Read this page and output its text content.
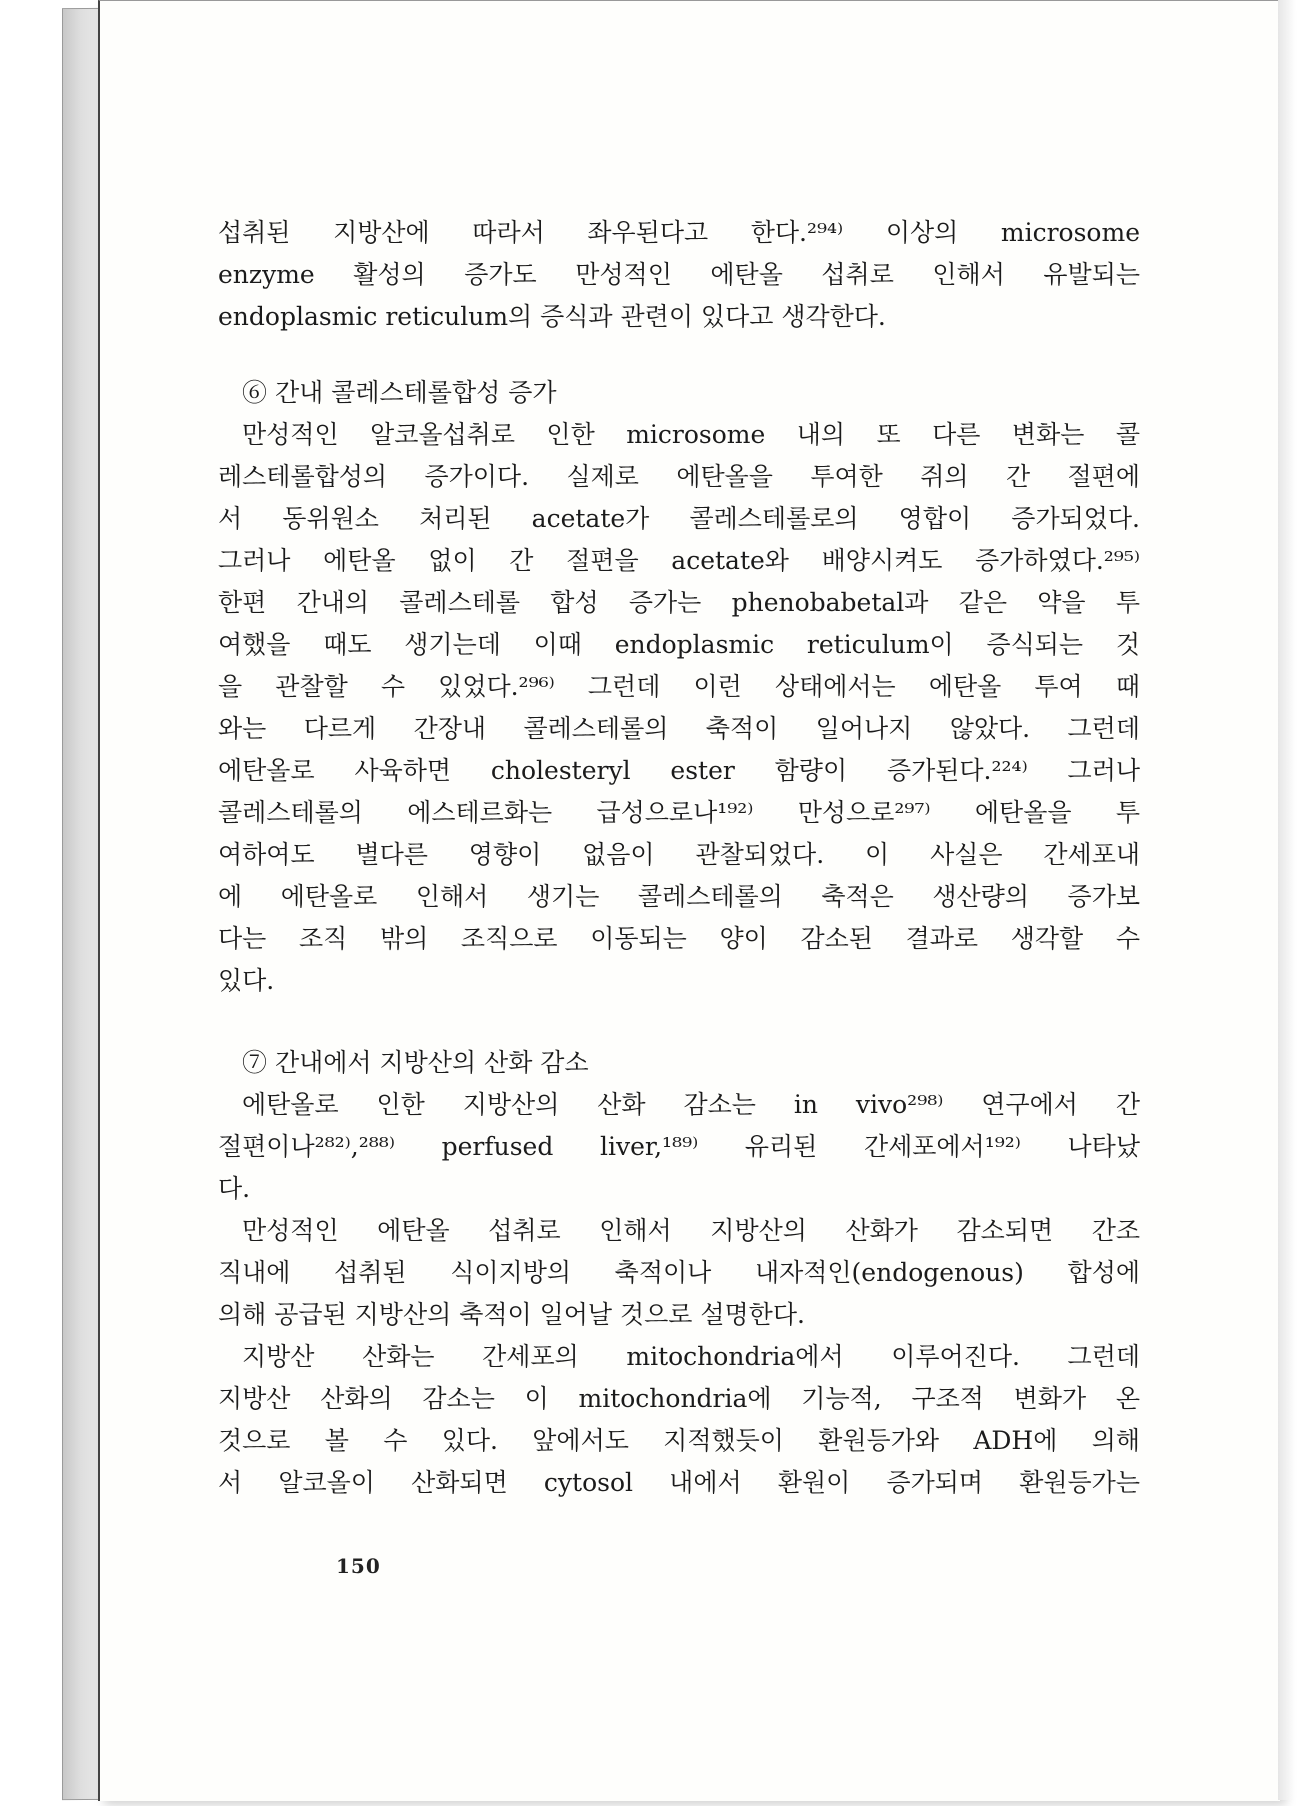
섭취된 지방산에 따라서 좌우된다고 한다.²⁹⁴⁾ 이상의 microsome
enzyme 활성의 증가도 만성적인 에탄올 섭취로 인해서 유발되는
endoplasmic reticulum의 증식과 관련이 있다고 생각한다.
⑥ 간내 콜레스테롤합성 증가
만성적인 알코올섭취로 인한 microsome 내의 또 다른 변화는 콜
레스테롤합성의 증가이다. 실제로 에탄올을 투여한 쥐의 간 절편에
서 동위원소 처리된 acetate가 콜레스테롤로의 영합이 증가되었다.
그러나 에탄올 없이 간 절편을 acetate와 배양시켜도 증가하였다.²⁹⁵⁾
한편 간내의 콜레스테롤 합성 증가는 phenobabetal과 같은 약을 투
여했을 때도 생기는데 이때 endoplasmic reticulum이 증식되는 것
을 관찰할 수 있었다.²⁹⁶⁾ 그런데 이런 상태에서는 에탄올 투여 때
와는 다르게 간장내 콜레스테롤의 축적이 일어나지 않았다. 그런데
에탄올로 사육하면 cholesteryl ester 함량이 증가된다.²²⁴⁾ 그러나
콜레스테롤의 에스테르화는 급성으로나¹⁹²⁾ 만성으로²⁹⁷⁾ 에탄올을 투
여하여도 별다른 영향이 없음이 관찰되었다. 이 사실은 간세포내
에 에탄올로 인해서 생기는 콜레스테롤의 축적은 생산량의 증가보
다는 조직 밖의 조직으로 이동되는 양이 감소된 결과로 생각할 수
있다.
⑦ 간내에서 지방산의 산화 감소
에탄올로 인한 지방산의 산화 감소는 in vivo²⁹⁸⁾ 연구에서 간
절편이나²⁸²⁾,²⁸⁸⁾ perfused liver,¹⁸⁹⁾ 유리된 간세포에서¹⁹²⁾ 나타났
다.
만성적인 에탄올 섭취로 인해서 지방산의 산화가 감소되면 간조
직내에 섭취된 식이지방의 축적이나 내자적인(endogenous) 합성에
의해 공급된 지방산의 축적이 일어날 것으로 설명한다.
지방산 산화는 간세포의 mitochondria에서 이루어진다. 그런데
지방산 산화의 감소는 이 mitochondria에 기능적, 구조적 변화가 온
것으로 볼 수 있다. 앞에서도 지적했듯이 환원등가와 ADH에 의해
서 알코올이 산화되면 cytosol 내에서 환원이 증가되며 환원등가는
150
